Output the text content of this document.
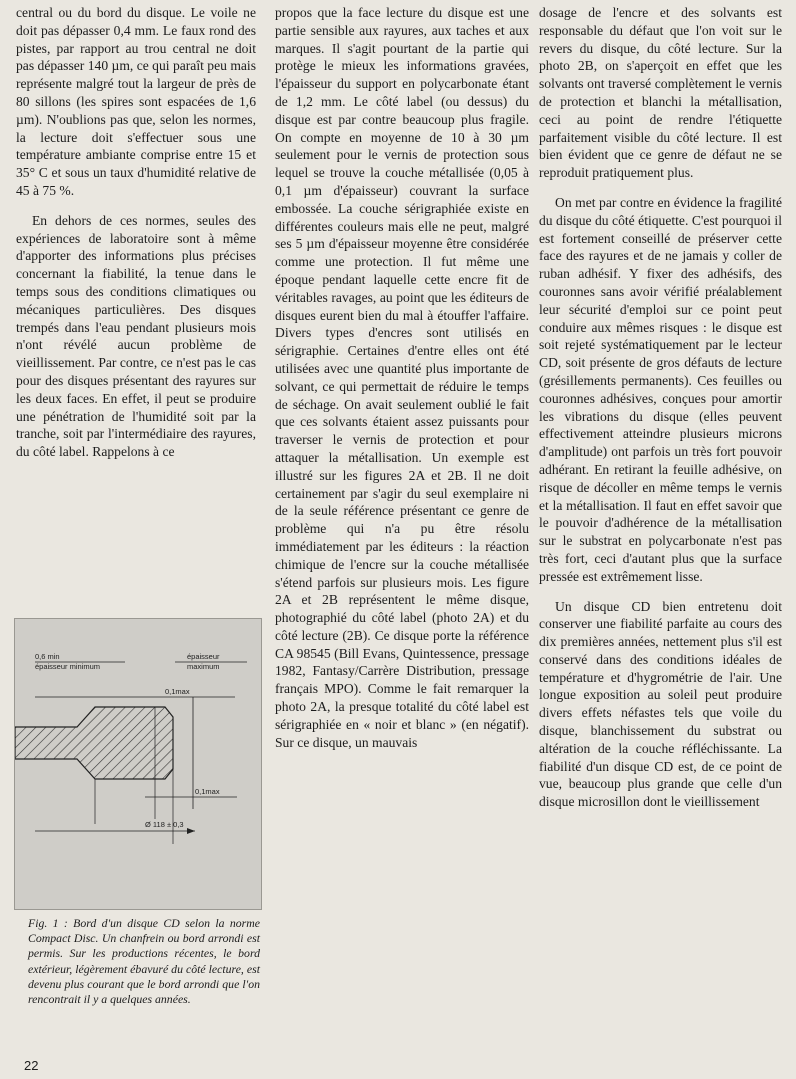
central ou du bord du disque. Le voile ne doit pas dépasser 0,4 mm. Le faux rond des pistes, par rapport au trou central ne doit pas dépasser 140 µm, ce qui paraît peu mais représente malgré tout la largeur de près de 80 sillons (les spires sont espacées de 1,6 µm). N'oublions pas que, selon les normes, la lecture doit s'effectuer sous une température ambiante comprise entre 15 et 35° C et sous un taux d'humidité relative de 45 à 75 %.

En dehors de ces normes, seules des expériences de laboratoire sont à même d'apporter des informations plus précises concernant la fiabilité, la tenue dans le temps sous des conditions climatiques ou mécaniques particulières. Des disques trempés dans l'eau pendant plusieurs mois n'ont révélé aucun problème de vieillissement. Par contre, ce n'est pas le cas pour des disques présentant des rayures sur les deux faces. En effet, il peut se produire une pénétration de l'humidité soit par la tranche, soit par l'intermédiaire des rayures, du côté label. Rappelons à ce

0,6 min
épaisseur minimum
épaisseur
maximum
0,1max
0,1max
Ø 118 ± 0,3
Fig. 1 : Bord d'un disque CD selon la norme Compact Disc. Un chanfrein ou bord arrondi est permis. Sur les productions récentes, le bord extérieur, légèrement ébavuré du côté lecture, est devenu plus courant que le bord arrondi que l'on rencontrait il y a quelques années.

propos que la face lecture du disque est une partie sensible aux rayures, aux taches et aux marques. Il s'agit pourtant de la partie qui protège le mieux les informations gravées, l'épaisseur du support en polycarbonate étant de 1,2 mm. Le côté label (ou dessus) du disque est par contre beaucoup plus fragile. On compte en moyenne de 10 à 30 µm seulement pour le vernis de protection sous lequel se trouve la couche métallisée (0,05 à 0,1 µm d'épaisseur) couvrant la surface embossée. La couche sérigraphiée existe en différentes couleurs mais elle ne peut, malgré ses 5 µm d'épaisseur moyenne être considérée comme une protection. Il fut même une époque pendant laquelle cette encre fit de véritables ravages, au point que les éditeurs de disques eurent bien du mal à étouffer l'affaire. Divers types d'encres sont utilisés en sérigraphie. Certaines d'entre elles ont été utilisées avec une quantité plus importante de solvant, ce qui permettait de réduire le temps de séchage. On avait seulement oublié le fait que ces solvants étaient assez puissants pour traverser le vernis de protection et pour attaquer la métallisation. Un exemple est illustré sur les figures 2A et 2B. Il ne doit certainement par s'agir du seul exemplaire ni de la seule référence présentant ce genre de problème qui n'a pu être résolu immédiatement par les éditeurs : la réaction chimique de l'encre sur la couche métallisée s'étend parfois sur plusieurs mois. Les figure 2A et 2B représentent le même disque, photographié du côté label (photo 2A) et du côté lecture (2B). Ce disque porte la référence CA 98545 (Bill Evans, Quintessence, pressage 1982, Fantasy/Carrère Distribution, pressage français MPO). Comme le fait remarquer la photo 2A, la presque totalité du côté label est sérigraphiée en « noir et blanc » (en négatif). Sur ce disque, un mauvais

dosage de l'encre et des solvants est responsable du défaut que l'on voit sur le revers du disque, du côté lecture. Sur la photo 2B, on s'aperçoit en effet que les solvants ont traversé complètement le vernis de protection et blanchi la métallisation, ceci au point de rendre l'étiquette parfaitement visible du côté lecture. Il est bien évident que ce genre de défaut ne se reproduit pratiquement plus.

On met par contre en évidence la fragilité du disque du côté étiquette. C'est pourquoi il est fortement conseillé de préserver cette face des rayures et de ne jamais y coller de ruban adhésif. Y fixer des adhésifs, des couronnes sans avoir vérifié préalablement leur sécurité d'emploi sur ce point peut conduire aux mêmes risques : le disque est soit rejeté systématiquement par le lecteur CD, soit présente de gros défauts de lecture (grésillements permanents). Ces feuilles ou couronnes adhésives, conçues pour amortir les vibrations du disque (elles peuvent effectivement atteindre plusieurs microns d'amplitude) ont parfois un très fort pouvoir adhérant. En retirant la feuille adhésive, on risque de décoller en même temps le vernis et la métallisation. Il faut en effet savoir que le pouvoir d'adhérence de la métallisation sur le substrat en polycarbonate n'est pas très fort, ceci d'autant plus que la surface pressée est extrêmement lisse.

Un disque CD bien entretenu doit conserver une fiabilité parfaite au cours des dix premières années, nettement plus s'il est conservé dans des conditions idéales de température et d'hygrométrie de l'air. Une longue exposition au soleil peut produire divers effets néfastes tels que voile du disque, blanchissement du substrat ou altération de la couche réfléchissante. La fiabilité d'un disque CD est, de ce point de vue, beaucoup plus grande que celle d'un disque microsillon dont le vieillissement

22
